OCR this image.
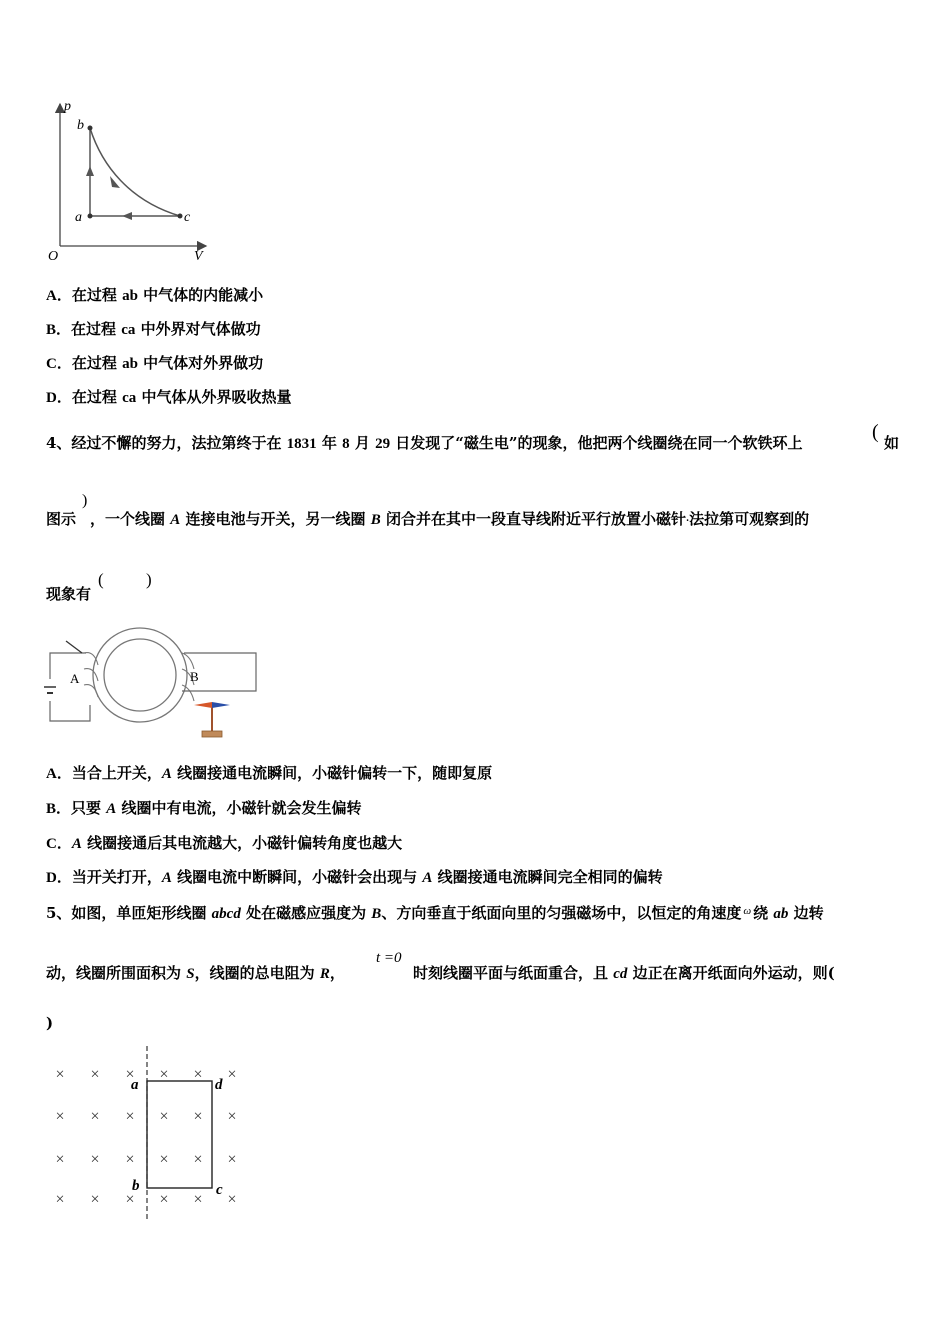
p
V
O
a
b
c
A．在过程 ab 中气体的内能减小
B．在过程 ca 中外界对气体做功
C．在过程 ab 中气体对外界做功
D．在过程 ca 中气体从外界吸收热量
4、经过不懈的努力，法拉第终于在 1831 年 8 月 29 日发现了“磁生电”的现象，他把两个线圈绕在同一个软铁环上	( 如
)
图示 ，一个线圈 A 连接电池与开关，另一线圈 B 闭合并在其中一段直导线附近平行放置小磁针.法拉第可观察到的
现象有
( )
A	B
A．当合上开关，A 线圈接通电流瞬间，小磁针偏转一下，随即复原
B．只要 A 线圈中有电流，小磁针就会发生偏转
C．A 线圈接通后其电流越大，小磁针偏转角度也越大
D．当开关打开，A 线圈电流中断瞬间，小磁针会出现与 A 线圈接通电流瞬间完全相同的偏转
5、如图，单匝矩形线圈 abcd 处在磁感应强度为 B、方向垂直于纸面向里的匀强磁场中，以恒定的角速度 $^\omega$ 绕 ab 边转
t =0
动，线圈所围面积为 S，线圈的总电阻为 R，	时刻线圈平面与纸面重合，且 cd 边正在离开纸面向外运动，则(
)
× × × × × ×
× × × × × ×
× × × × × ×
× × × × × ×
a
b	c
d
